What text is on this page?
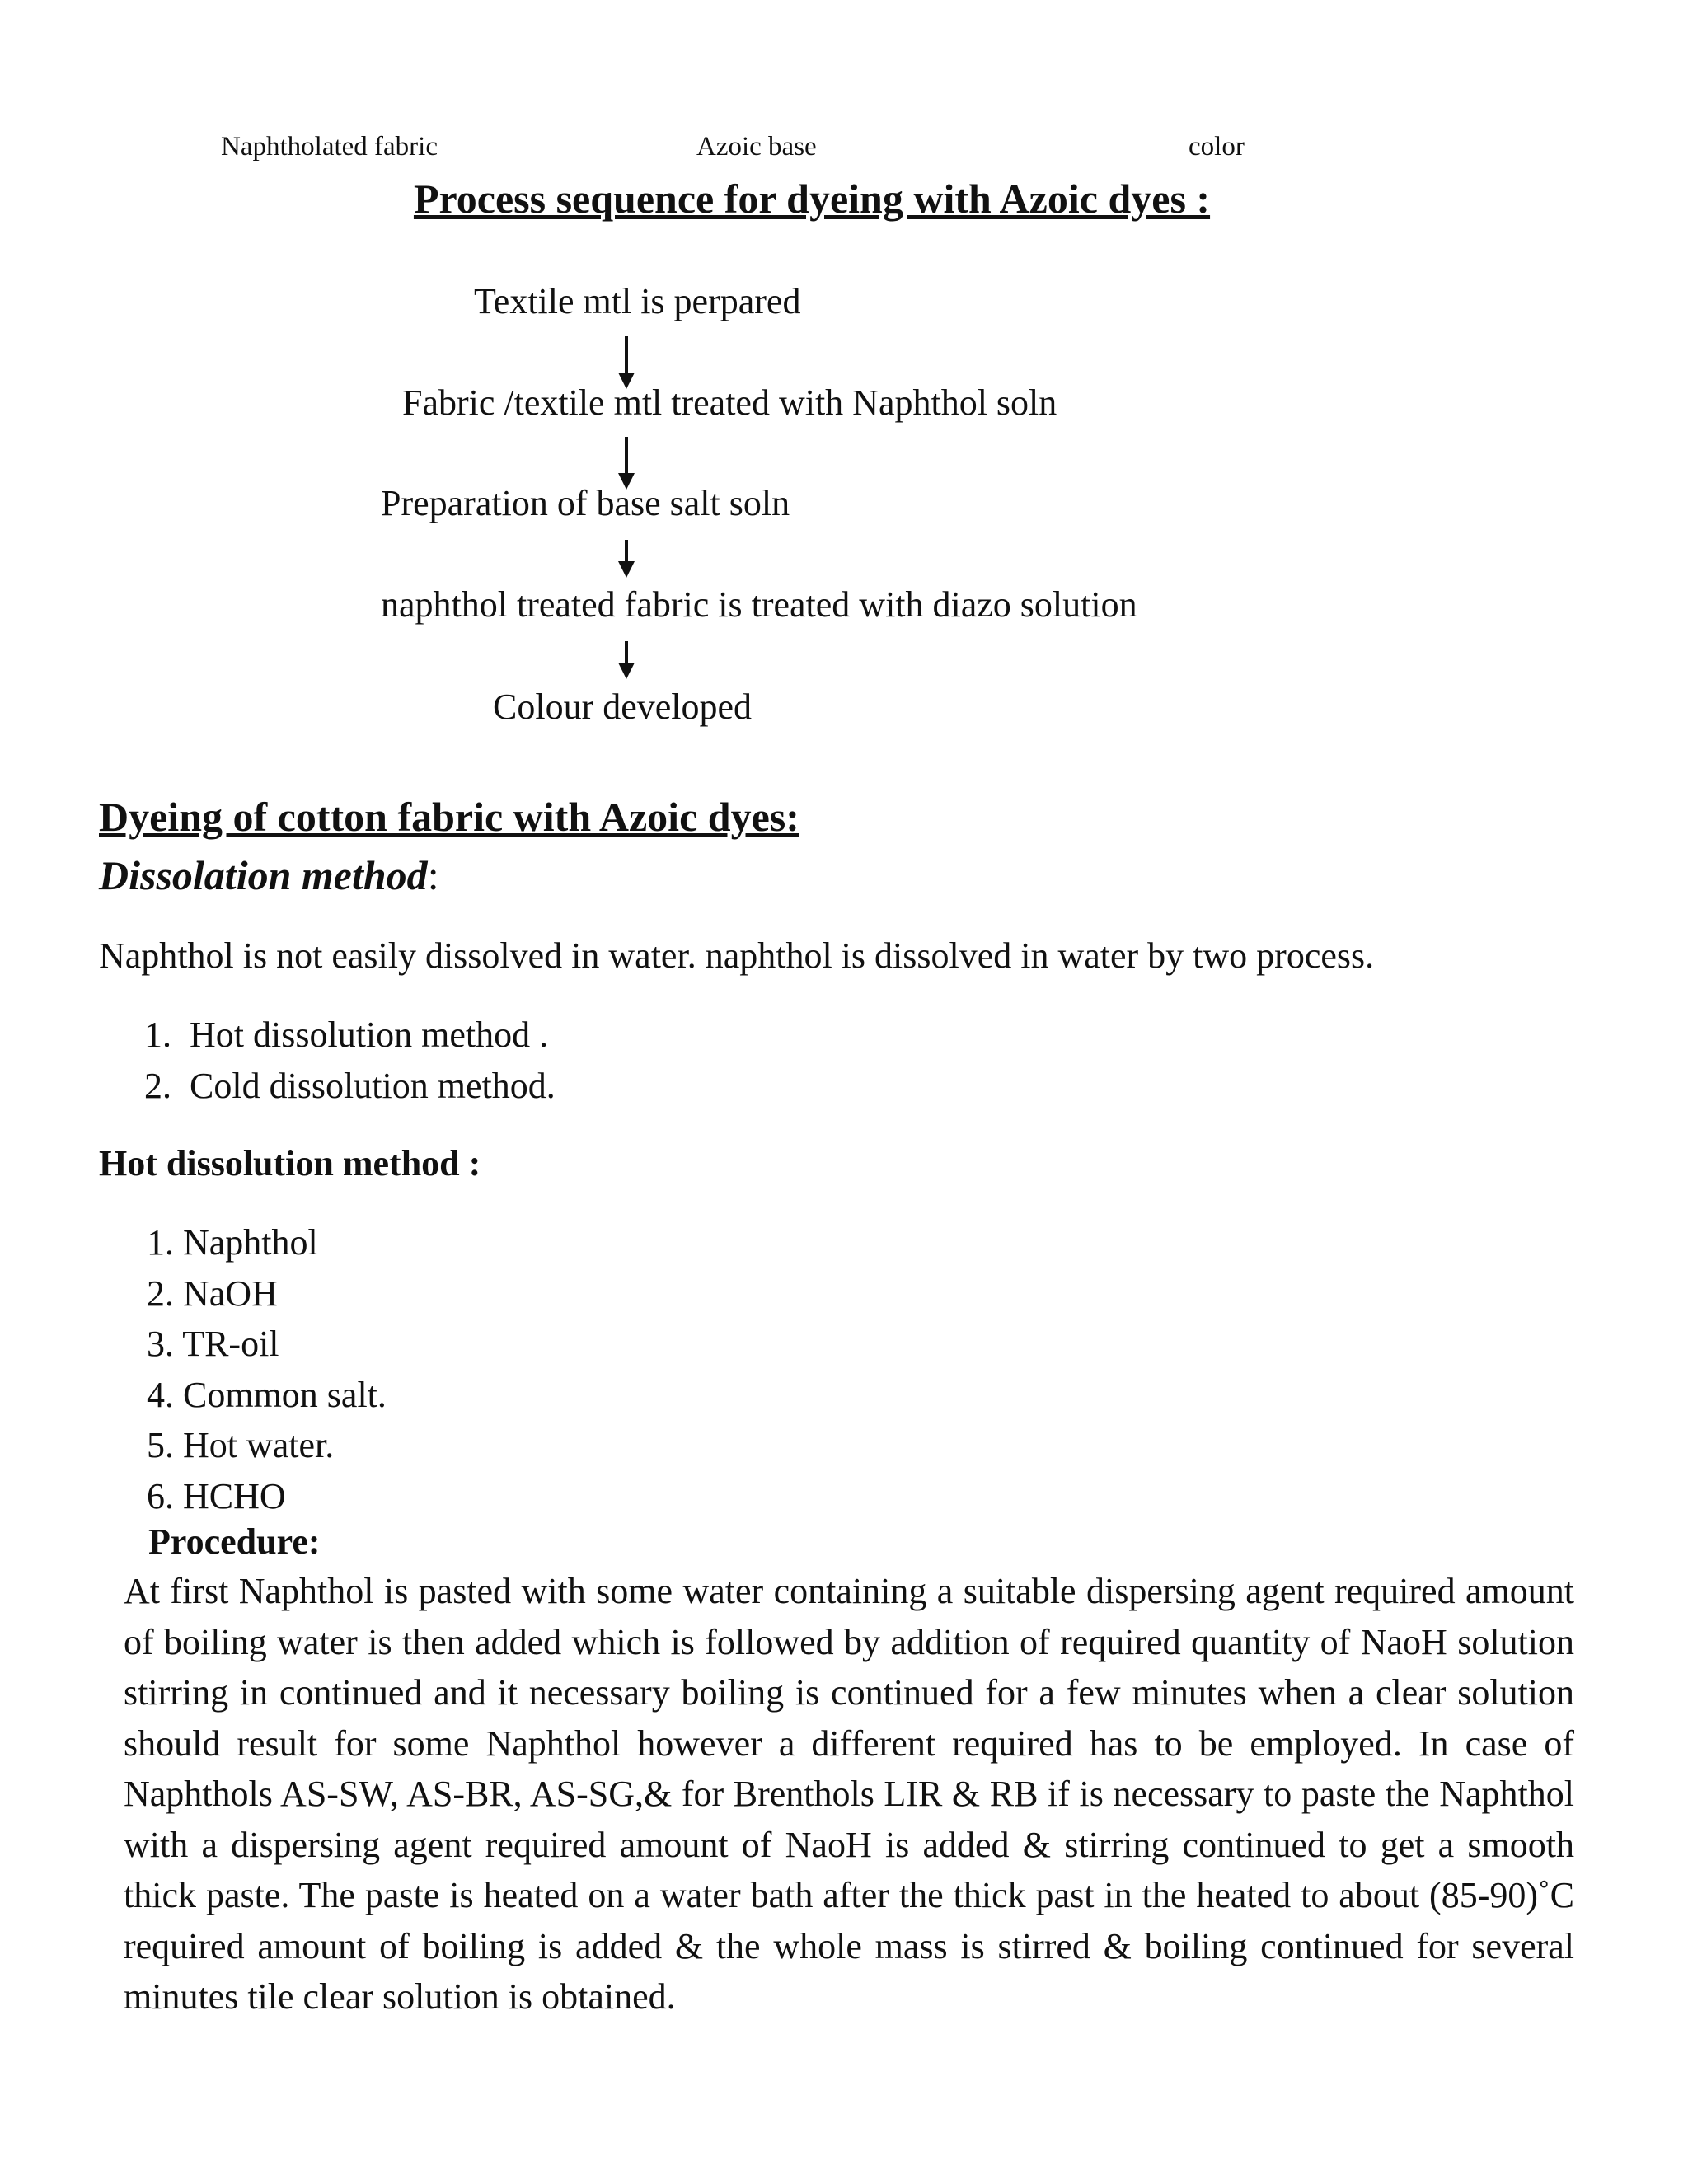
Naphtholated fabric	Azoic base	color
Process sequence for dyeing with Azoic dyes :
Textile mtl is perpared
Fabric /textile mtl treated with Naphthol soln
Preparation of base salt soln
naphthol treated fabric is treated with diazo solution
Colour developed
Dyeing of cotton fabric with Azoic dyes:
Dissolation method:
Naphthol is not easily dissolved in water. naphthol is dissolved in water by two process.
1. Hot dissolution method .
2. Cold dissolution method.
Hot dissolution method :
1. Naphthol
2. NaOH
3. TR-oil
4. Common salt.
5. Hot water.
6. HCHO
Procedure:
At first Naphthol is pasted with some water containing a suitable dispersing agent required amount of boiling water is then added which is followed by addition of required quantity of NaoH solution stirring in continued and it necessary boiling is continued for a few minutes when a clear solution should result for some Naphthol however a different required has to be employed. In case of Naphthols AS-SW, AS-BR, AS-SG,& for Brenthols LIR & RB if is necessary to paste the Naphthol with a dispersing agent required amount of NaoH is added & stirring continued to get a smooth thick paste. The paste is heated on a water bath after the thick past in the heated to about (85-90)˚C required amount of boiling is added & the whole mass is stirred & boiling continued for several minutes tile clear solution is obtained.
